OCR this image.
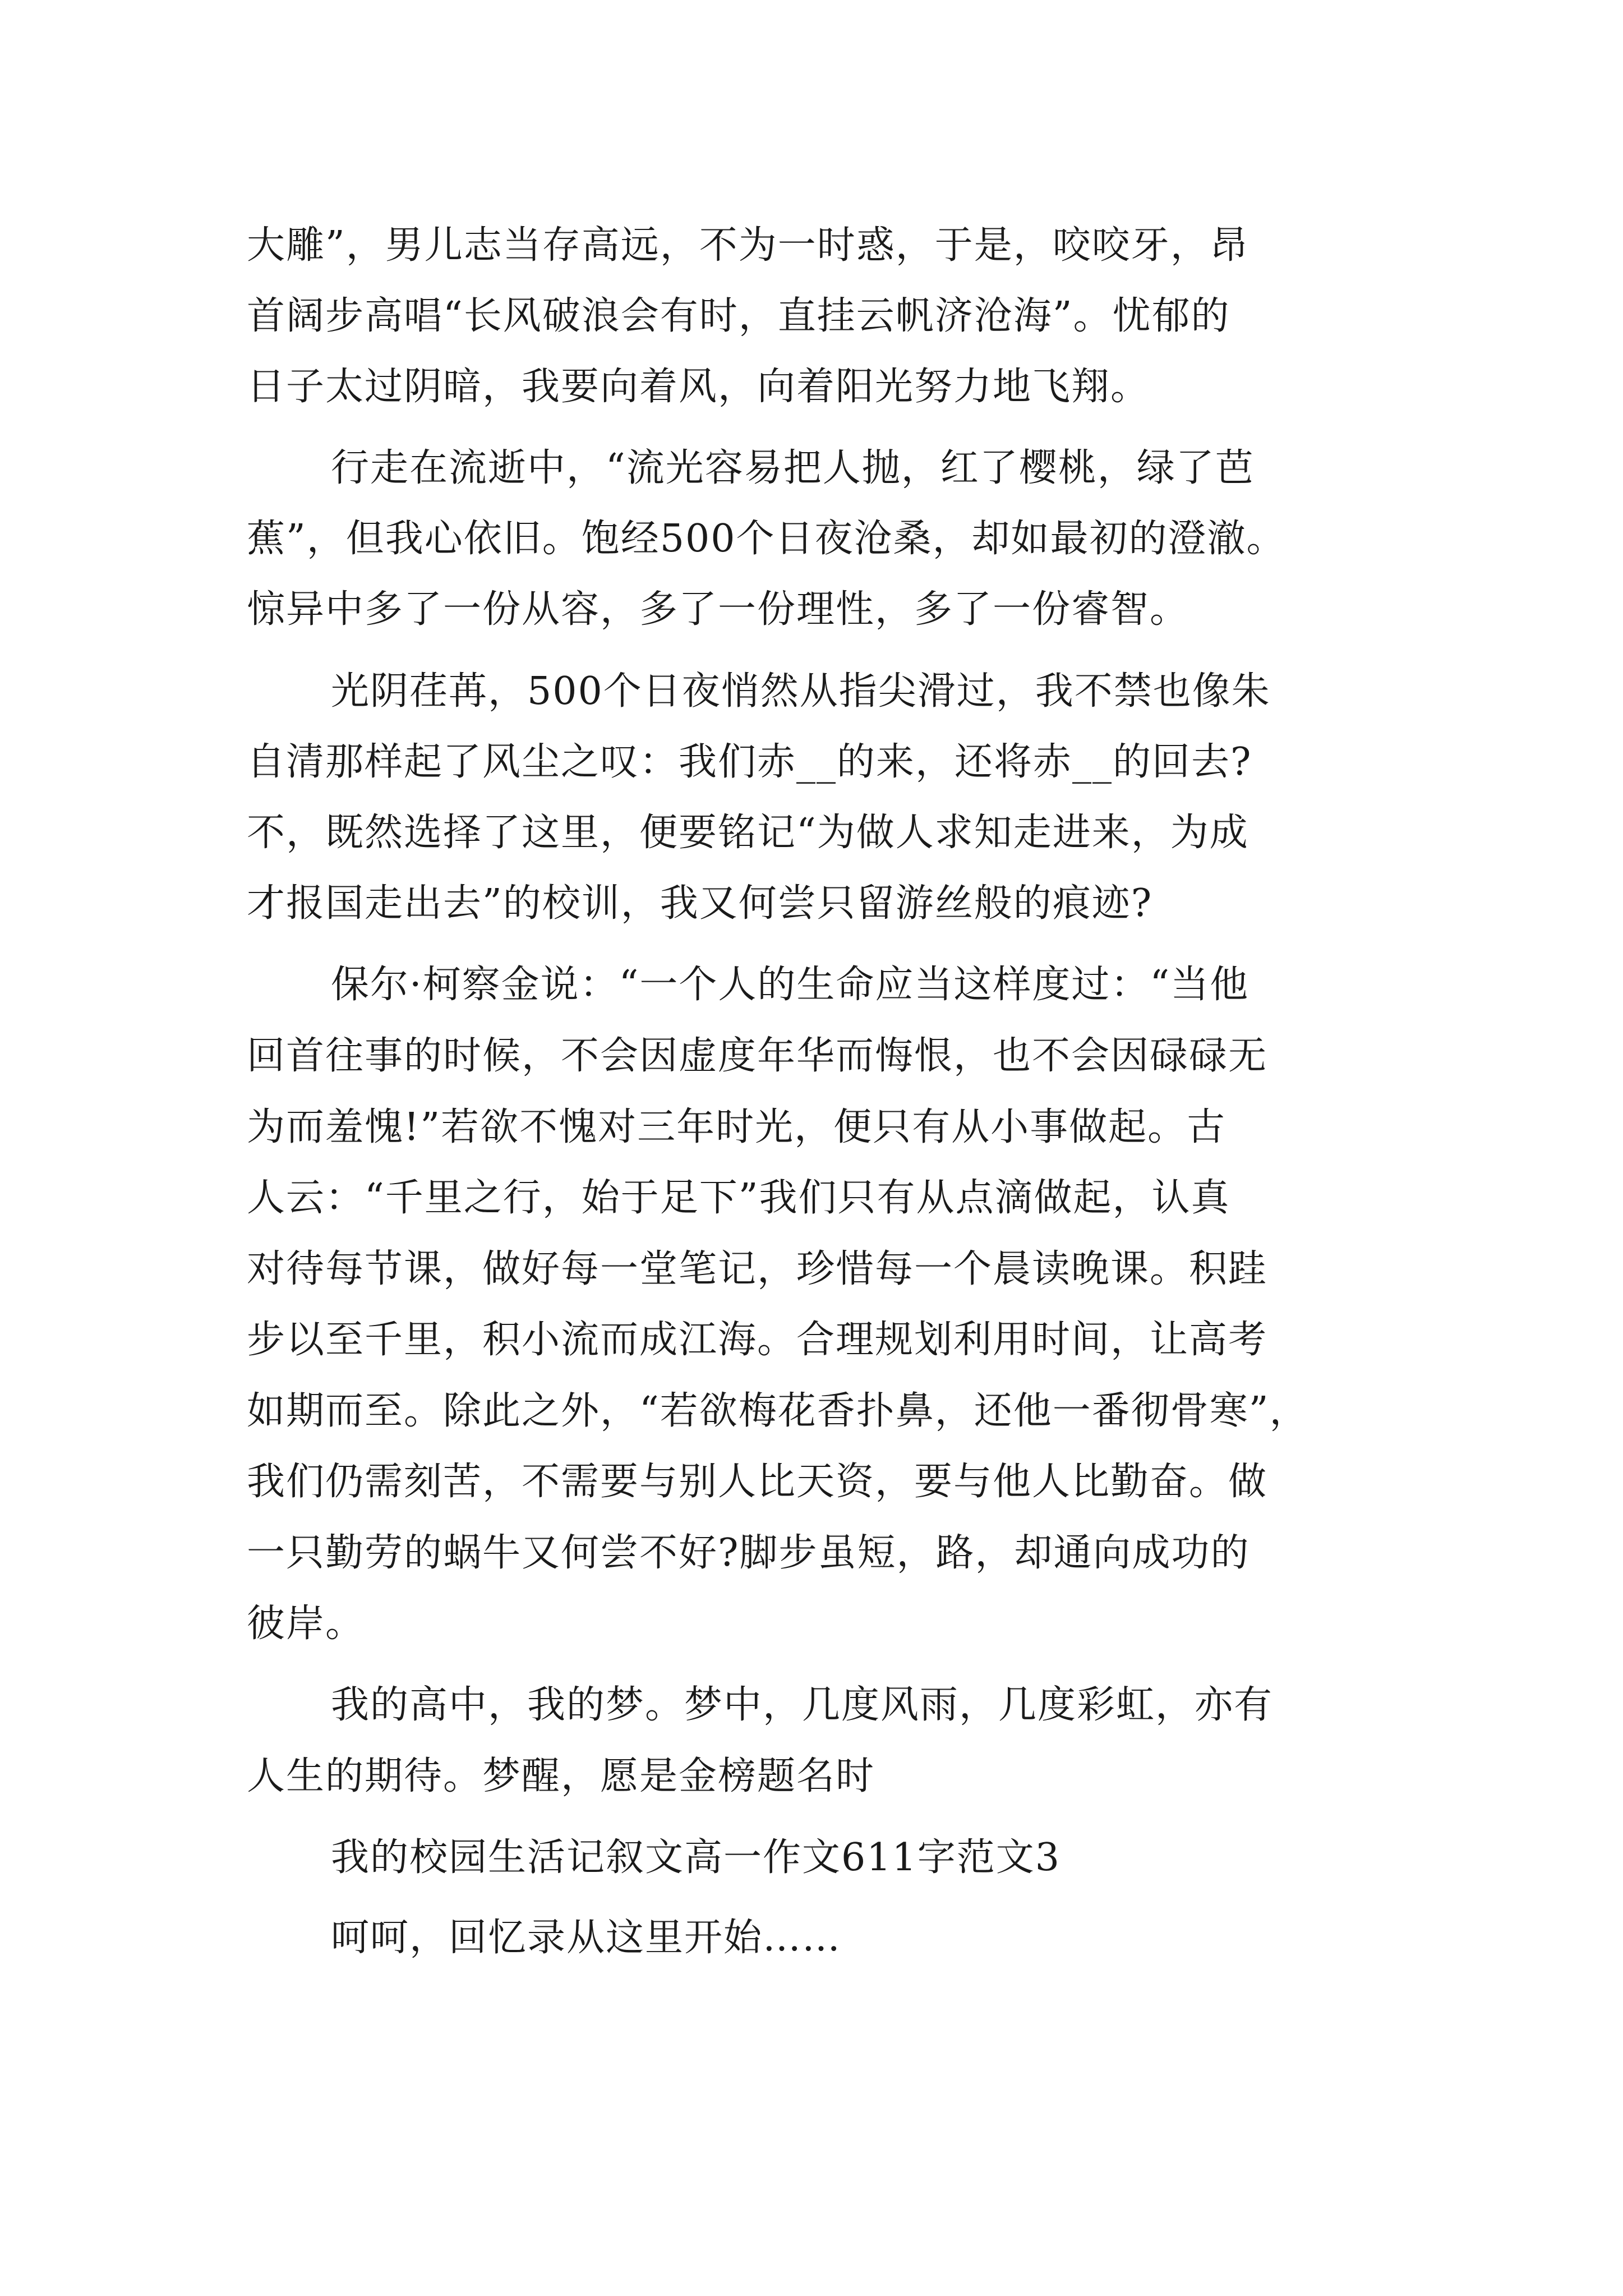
大雕”，男儿志当存高远，不为一时惑，于是，咬咬牙，昂
首阔步高唱“长风破浪会有时，直挂云帆济沧海”。忧郁的
日子太过阴暗，我要向着风，向着阳光努力地飞翔。
行走在流逝中，“流光容易把人抛，红了樱桃，绿了芭
蕉”，但我心依旧。饱经500个日夜沧桑，却如最初的澄澈。
惊异中多了一份从容，多了一份理性，多了一份睿智。
光阴荏苒，500个日夜悄然从指尖滑过，我不禁也像朱
自清那样起了风尘之叹：我们赤__的来，还将赤__的回去?
不，既然选择了这里，便要铭记“为做人求知走进来，为成
才报国走出去”的校训，我又何尝只留游丝般的痕迹?
保尔·柯察金说：“一个人的生命应当这样度过：“当他
回首往事的时候，不会因虚度年华而悔恨，也不会因碌碌无
为而羞愧!”若欲不愧对三年时光，便只有从小事做起。古
人云：“千里之行，始于足下”我们只有从点滴做起，认真
对待每节课，做好每一堂笔记，珍惜每一个晨读晚课。积跬
步以至千里，积小流而成江海。合理规划利用时间，让高考
如期而至。除此之外，“若欲梅花香扑鼻，还他一番彻骨寒”，
我们仍需刻苦，不需要与别人比天资，要与他人比勤奋。做
一只勤劳的蜗牛又何尝不好?脚步虽短，路，却通向成功的
彼岸。
我的高中，我的梦。梦中，几度风雨，几度彩虹，亦有
人生的期待。梦醒，愿是金榜题名时
我的校园生活记叙文高一作文611字范文3
呵呵，回忆录从这里开始……
